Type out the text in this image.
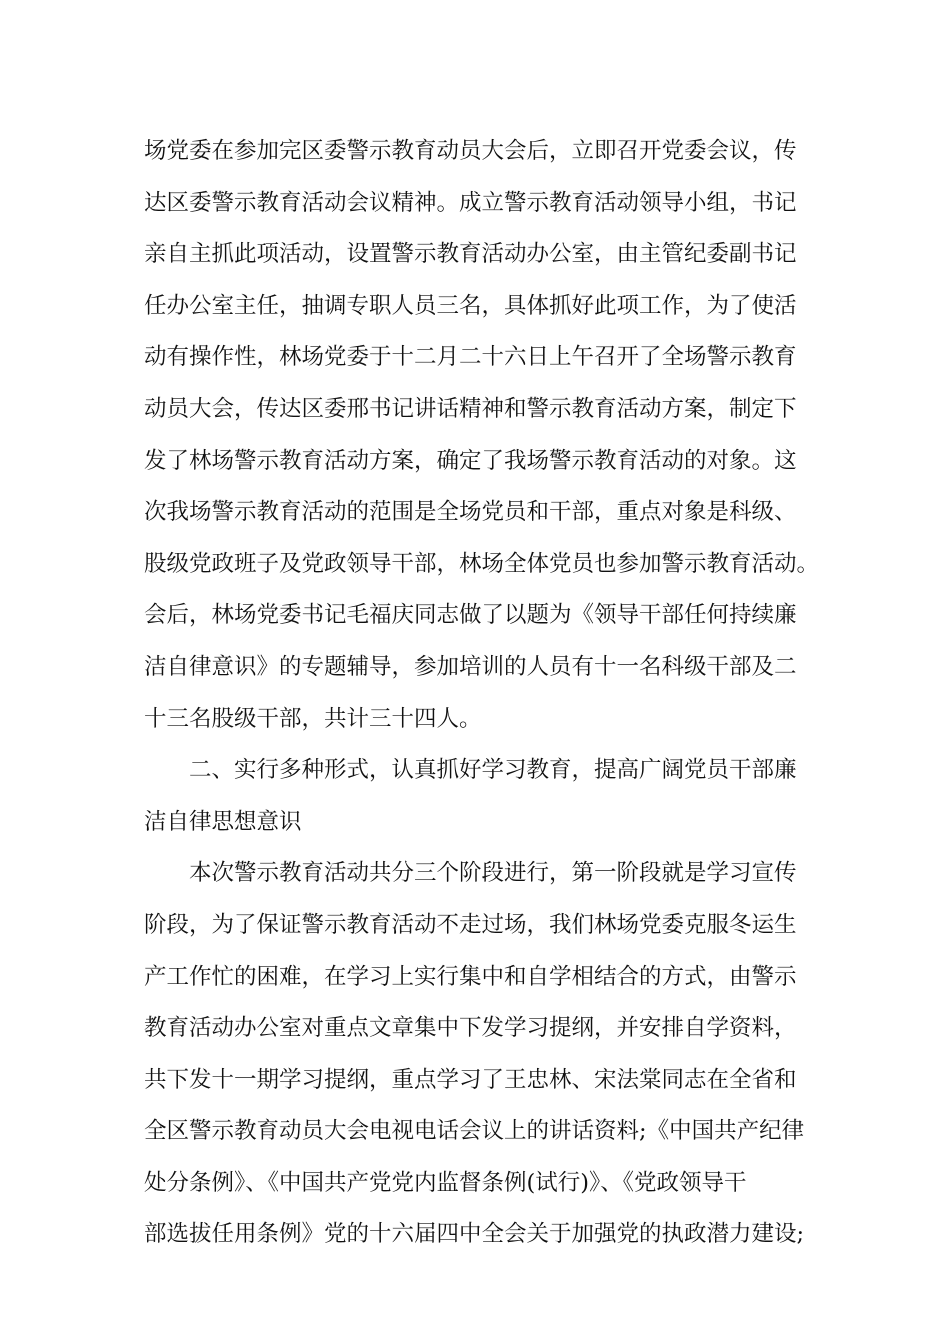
场党委在参加完区委警示教育动员大会后，立即召开党委会议，传
达区委警示教育活动会议精神。成立警示教育活动领导小组，书记
亲自主抓此项活动，设置警示教育活动办公室，由主管纪委副书记
任办公室主任，抽调专职人员三名，具体抓好此项工作，为了使活
动有操作性，林场党委于十二月二十六日上午召开了全场警示教育
动员大会，传达区委邢书记讲话精神和警示教育活动方案，制定下
发了林场警示教育活动方案，确定了我场警示教育活动的对象。这
次我场警示教育活动的范围是全场党员和干部，重点对象是科级、
股级党政班子及党政领导干部，林场全体党员也参加警示教育活动。
会后，林场党委书记毛福庆同志做了以题为《领导干部任何持续廉
洁自律意识》的专题辅导，参加培训的人员有十一名科级干部及二
十三名股级干部，共计三十四人。
二、实行多种形式，认真抓好学习教育，提高广阔党员干部廉
洁自律思想意识
本次警示教育活动共分三个阶段进行，第一阶段就是学习宣传
阶段，为了保证警示教育活动不走过场，我们林场党委克服冬运生
产工作忙的困难，在学习上实行集中和自学相结合的方式，由警示
教育活动办公室对重点文章集中下发学习提纲，并安排自学资料，
共下发十一期学习提纲，重点学习了王忠林、宋法棠同志在全省和
全区警示教育动员大会电视电话会议上的讲话资料;《中国共产纪律
处分条例》、《中国共产党党内监督条例(试行)》、《党政领导干
部选拔任用条例》党的十六届四中全会关于加强党的执政潜力建设;
